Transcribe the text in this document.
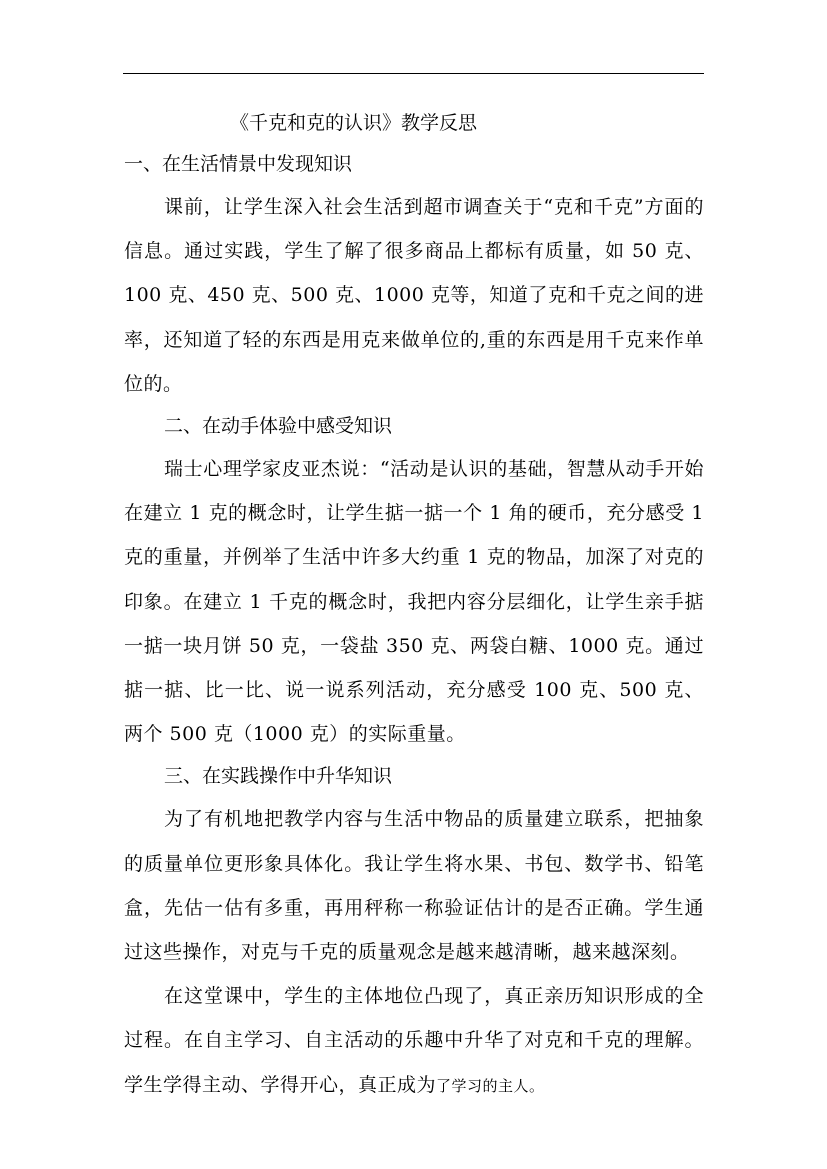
《千克和克的认识》教学反思
一、在生活情景中发现知识

课前，让学生深入社会生活到超市调查关于“克和千克”方面的信息。通过实践，学生了解了很多商品上都标有质量，如 50 克、100 克、450 克、500 克、1000 克等，知道了克和千克之间的进率，还知道了轻的东西是用克来做单位的,重的东西是用千克来作单位的。

二、在动手体验中感受知识

瑞士心理学家皮亚杰说：“活动是认识的基础，智慧从动手开始在建立 1 克的概念时，让学生掂一掂一个 1 角的硬币，充分感受 1 克的重量，并例举了生活中许多大约重 1 克的物品，加深了对克的印象。在建立 1 千克的概念时，我把内容分层细化，让学生亲手掂一掂一块月饼 50 克，一袋盐 350 克、两袋白糖、1000 克。通过掂一掂、比一比、说一说系列活动，充分感受 100 克、500 克、两个 500 克（1000 克）的实际重量。

三、在实践操作中升华知识

为了有机地把教学内容与生活中物品的质量建立联系，把抽象的质量单位更形象具体化。我让学生将水果、书包、数学书、铅笔盒，先估一估有多重，再用秤称一称验证估计的是否正确。学生通过这些操作，对克与千克的质量观念是越来越清晰，越来越深刻。

在这堂课中，学生的主体地位凸现了，真正亲历知识形成的全过程。在自主学习、自主活动的乐趣中升华了对克和千克的理解。学生学得主动、学得开心，真正成为了学习的主人。
